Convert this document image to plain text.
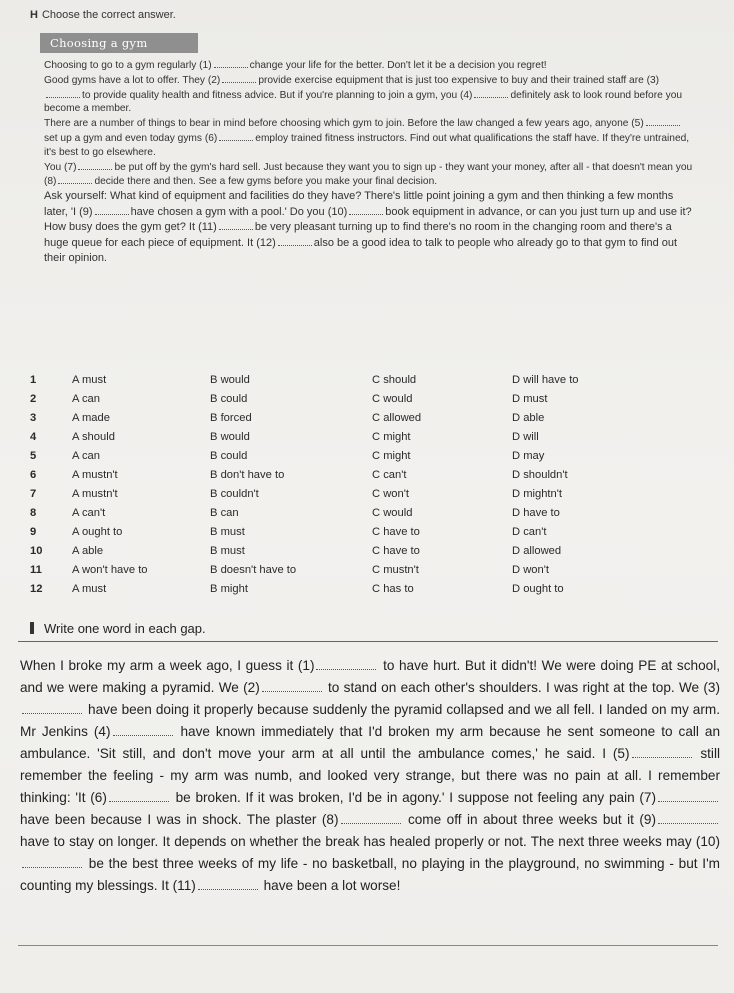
H Choose the correct answer.
Choosing a gym
Choosing to go to a gym regularly (1)	change your life for the better. Don't let it be a decision you regret!
Good gyms have a lot to offer. They (2)	provide exercise equipment that is just too expensive to buy and their trained staff are (3)to provide quality health and fitness advice. But if you're planning to join a gym, you (4)	definitely ask to look round before you become a member.
There are a number of things to bear in mind before choosing which gym to join. Before the law changed a few years ago, anyone (5)set up a gym and even today gyms (6)	employ trained fitness instructors. Find out what qualifications the staff have. If they're untrained, it's best to go elsewhere.
You (7)	be put off by the gym's hard sell. Just because they want you to sign up - they want your money, after all - that doesn't mean you (8)	decide there and then. See a few gyms before you make your final decision.
Ask yourself: What kind of equipment and facilities do they have? There's little point joining a gym and then thinking a few months later, 'I (9)	have chosen a gym with a pool.' Do you (10)	book equipment in advance, or can you just turn up and use it? How busy does the gym get? It (11)	be very pleasant turning up to find there's no room in the changing room and there's a huge queue for each piece of equipment. It (12)	also be a good idea to talk to people who already go to that gym to find out their opinion.
1	A must	B would	C should	D will have to
2	A can	B could	C would	D must
3	A made	B forced	C allowed	D able
4	A should	B would	C might	D will
5	A can	B could	C might	D may
6	A mustn't	B don't have to	C can't	D shouldn't
7	A mustn't	B couldn't	C won't	D mightn't
8	A can't	B can	C would	D have to
9	A ought to	B must	C have to	D can't
10	A able	B must	C have to	D allowed
11	A won't have to	B doesn't have to	C mustn't	D won't
12	A must	B might	C has to	D ought to
Write one word in each gap.
When I broke my arm a week ago, I guess it (1)	to have hurt. But it didn't! We were doing PE at school, and we were making a pyramid. We (2)	to stand on each other's shoulders. I was right at the top. We (3) have been doing it properly because suddenly the pyramid collapsed and we all fell. I landed on my arm. Mr Jenkins (4)	have known immediately that I'd broken my arm because he sent someone to call an ambulance. 'Sit still, and don't move your arm at all until the ambulance comes,' he said. I (5)	still remember the feeling - my arm was numb, and looked very strange, but there was no pain at all. I remember thinking: 'It (6)	be broken. If it was broken, I'd be in agony.' I suppose not feeling any pain (7) have been because I was in shock. The plaster (8)	come off in about three weeks but it (9) have to stay on longer. It depends on whether the break has healed properly or not. The next three weeks may (10) be the best three weeks of my life - no basketball, no playing in the playground, no swimming - but I'm counting my blessings. It (11)	have been a lot worse!
